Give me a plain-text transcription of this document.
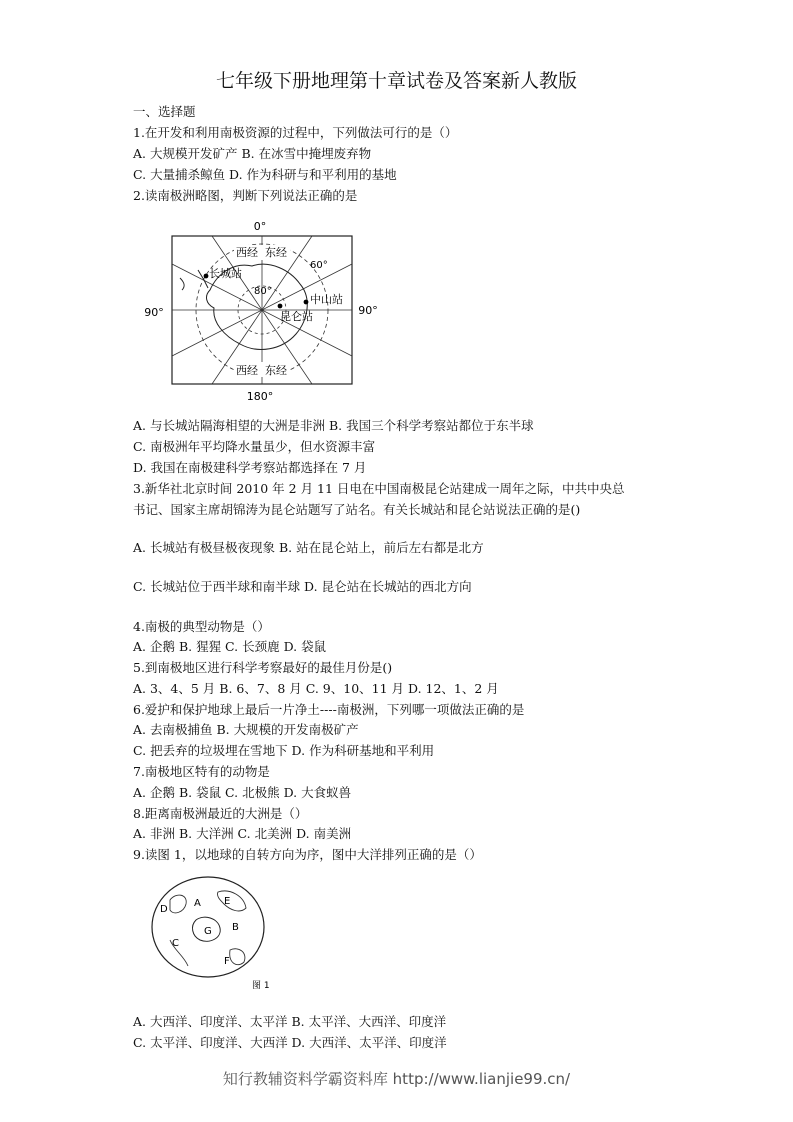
七年级下册地理第十章试卷及答案新人教版
一、选择题
1.在开发和利用南极资源的过程中，下列做法可行的是（）
A. 大规模开发矿产 B. 在冰雪中掩埋废弃物
C. 大量捕杀鲸鱼 D. 作为科研与和平利用的基地
2.读南极洲略图，判断下列说法正确的是
0°
180°
90°	90°
西经 东经
西经 东经
60°
80°
长城站
中山站
昆仑站
A. 与长城站隔海相望的大洲是非洲 B. 我国三个科学考察站都位于东半球
C. 南极洲年平均降水量虽少，但水资源丰富
D. 我国在南极建科学考察站都选择在 7 月
3.新华社北京时间 2010 年 2 月 11 日电在中国南极昆仑站建成一周年之际，中共中央总
书记、国家主席胡锦涛为昆仑站题写了站名。有关长城站和昆仑站说法正确的是()
A. 长城站有极昼极夜现象 B. 站在昆仑站上，前后左右都是北方
C. 长城站位于西半球和南半球 D. 昆仑站在长城站的西北方向
4.南极的典型动物是（）
A. 企鹅 B. 猩猩 C. 长颈鹿 D. 袋鼠
5.到南极地区进行科学考察最好的最佳月份是()
A. 3、4、5 月 B. 6、7、8 月 C. 9、10、11 月 D. 12、1、2 月
6.爱护和保护地球上最后一片净土----南极洲，下列哪一项做法正确的是
A. 去南极捕鱼 B. 大规模的开发南极矿产
C. 把丢弃的垃圾埋在雪地下 D. 作为科研基地和平利用
7.南极地区特有的动物是
A. 企鹅 B. 袋鼠 C. 北极熊 D. 大食蚁兽
8.距离南极洲最近的大洲是（）
A. 非洲 B. 大洋洲 C. 北美洲 D. 南美洲
9.读图 1，以地球的自转方向为序，图中大洋排列正确的是（）
D
A E
B
G
C
F
图 1
A. 大西洋、印度洋、太平洋 B. 太平洋、大西洋、印度洋
C. 太平洋、印度洋、大西洋 D. 大西洋、太平洋、印度洋
知行教辅资料学霸资料库 http://www.lianjie99.cn/
